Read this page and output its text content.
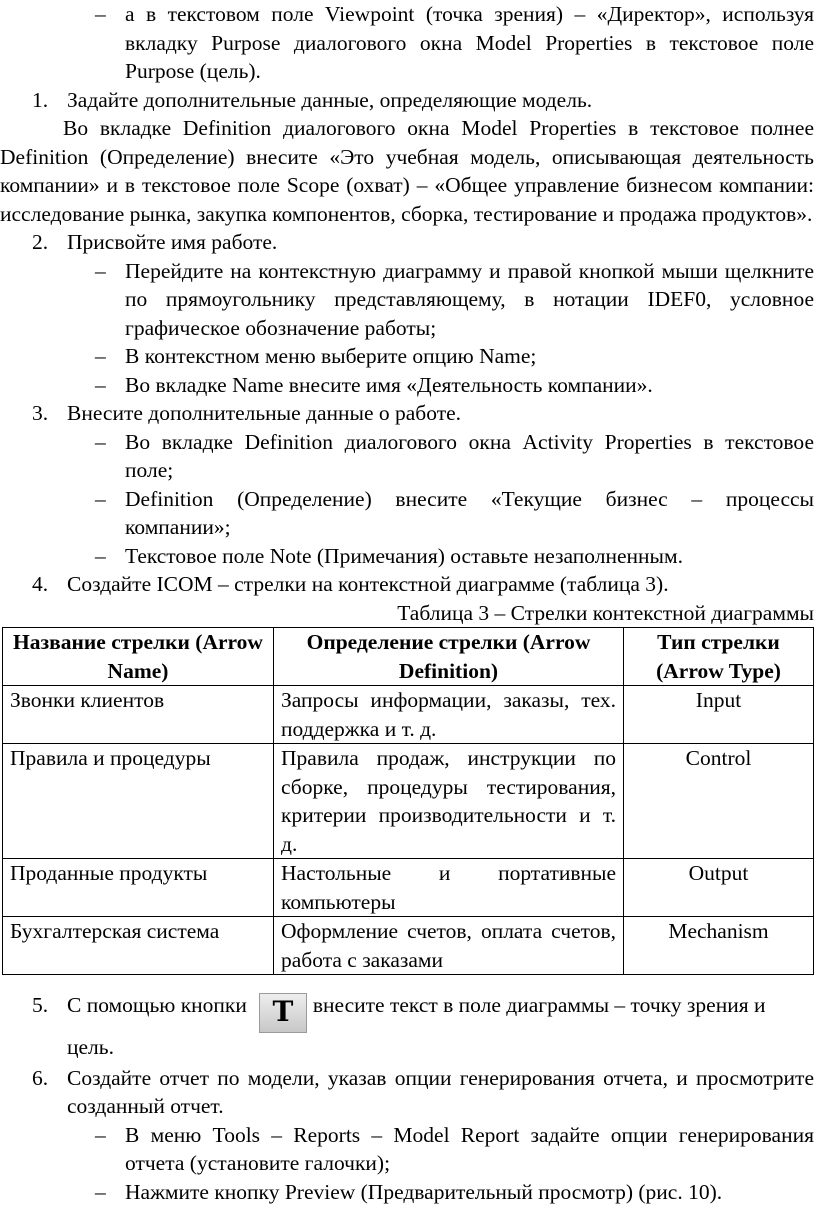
– а в текстовом поле Viewpoint (точка зрения) – «Директор», используя вкладку Purpose диалогового окна Model Properties в текстовое поле Purpose (цель).

1. Задайте дополнительные данные, определяющие модель.

Во вкладке Definition диалогового окна Model Properties в текстовое полнее Definition (Определение) внесите «Это учебная модель, описывающая деятельность компании» и в текстовое поле Scope (охват) – «Общее управление бизнесом компании: исследование рынка, закупка компонентов, сборка, тестирование и продажа продуктов».

2. Присвойте имя работе.

– Перейдите на контекстную диаграмму и правой кнопкой мыши щелкните по прямоугольнику представляющему, в нотации IDEF0, условное графическое обозначение работы;

– В контекстном меню выберите опцию Name;

– Во вкладке Name внесите имя «Деятельность компании».

3. Внесите дополнительные данные о работе.

– Во вкладке Definition диалогового окна Activity Properties в текстовое поле;

– Definition (Определение) внесите «Текущие бизнес – процессы компании»;

– Текстовое поле Note (Примечания) оставьте незаполненным.

4. Создайте ICOM – стрелки на контекстной диаграмме (таблица 3).

Таблица 3 – Стрелки контекстной диаграммы

Название стрелки (Arrow Name)	Определение стрелки (Arrow Definition)	Тип стрелки (Arrow Type)
Звонки клиентов	Запросы информации, заказы, тех. поддержка и т. д.	Input
Правила и процедуры	Правила продаж, инструкции по сборке, процедуры тестирования, критерии производительности и т. д.	Control
Проданные продукты	Настольные и портативные компьютеры	Output
Бухгалтерская система	Оформление счетов, оплата счетов, работа с заказами	Mechanism

5. С помощью кнопки T внесите текст в поле диаграммы – точку зрения и цель.

6. Создайте отчет по модели, указав опции генерирования отчета, и просмотрите созданный отчет.

– В меню Tools – Reports – Model Report задайте опции генерирования отчета (установите галочки);

– Нажмите кнопку Preview (Предварительный просмотр) (рис. 10).
